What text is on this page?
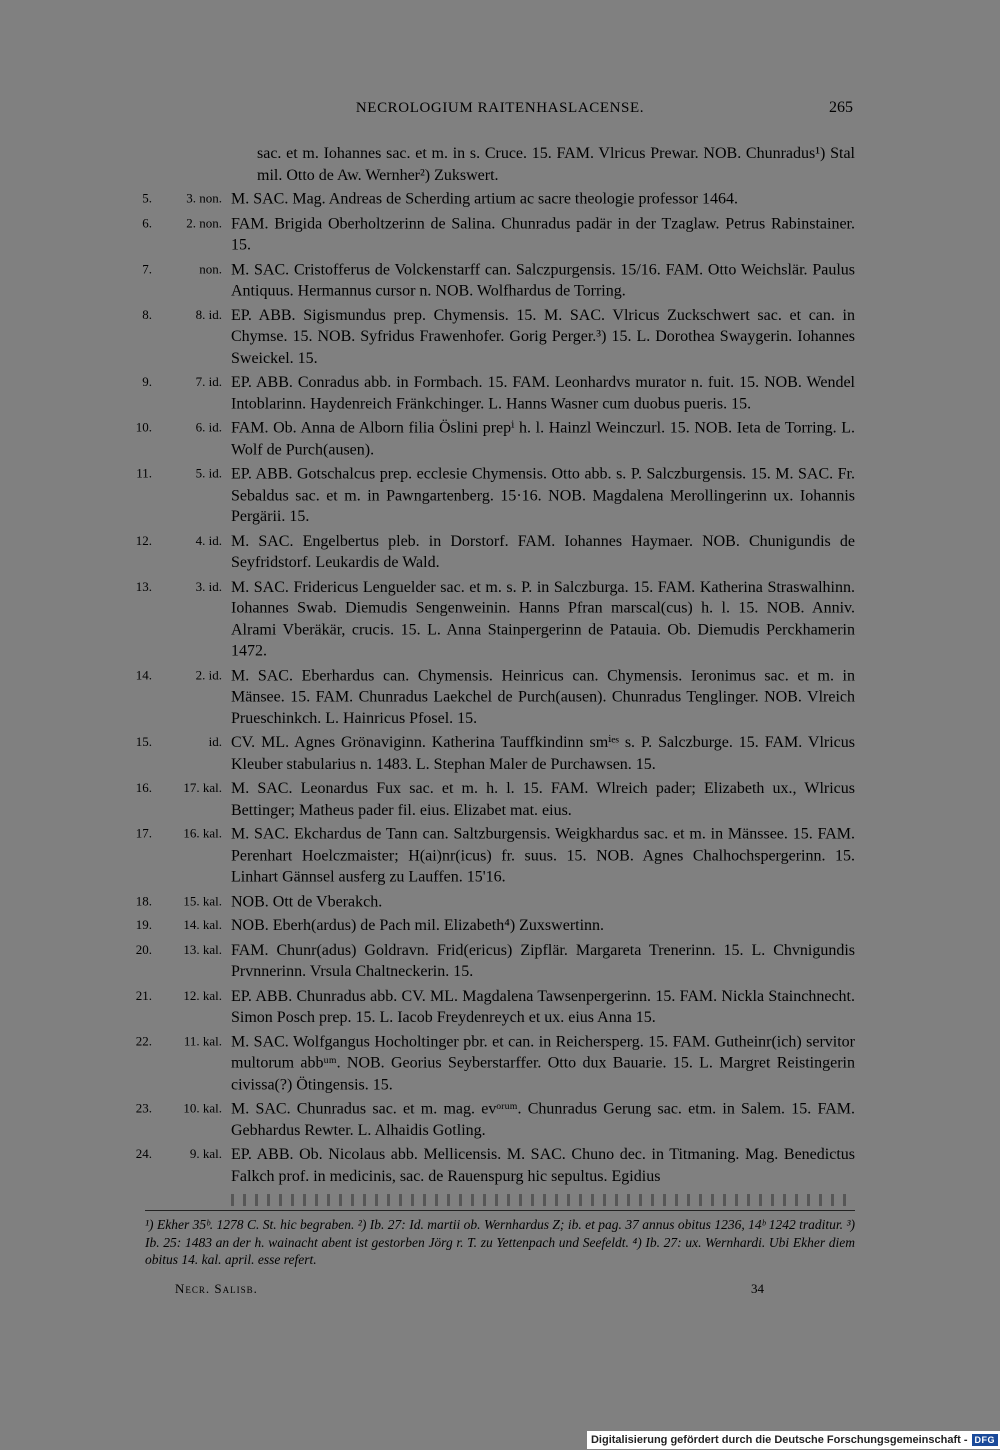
NECROLOGIUM RAITENHASLACENSE.	265
sac. et m. Iohannes sac. et m. in s. Cruce. 15. FAM. Vlricus Prewar. NOB. Chunradus¹) Stal mil. Otto de Aw. Wernher²) Zukswert.
5.	3. non. M. SAC. Mag. Andreas de Scherding artium ac sacre theologie professor 1464.
6.	2. non. FAM. Brigida Oberholtzerinn de Salina. Chunradus padär in der Tzaglaw. Petrus Rabinstainer. 15.
7.	non. M. SAC. Cristofferus de Volckenstarff can. Salczpurgensis. 15/16. FAM. Otto Weichslär. Paulus Antiquus. Hermannus cursor n. NOB. Wolfhardus de Torring.
8.	8. id. EP. ABB. Sigismundus prep. Chymensis. 15. M. SAC. Vlricus Zuckschwert sac. et can. in Chymse. 15. NOB. Syfridus Frawenhofer. Gorig Perger.³) 15. L. Dorothea Swaygerin. Iohannes Sweickel. 15.
9.	7. id. EP. ABB. Conradus abb. in Formbach. 15. FAM. Leonhardvs murator n. fuit. 15. NOB. Wendel Intoblarinn. Haydenreich Fränkchinger. L. Hanns Wasner cum duobus pueris. 15.
10.	6. id. FAM. Ob. Anna de Alborn filia Öslini prepⁱ h. l. Hainzl Weinczurl. 15. NOB. Ieta de Torring. L. Wolf de Purch(ausen).
11.	5. id. EP. ABB. Gotschalcus prep. ecclesie Chymensis. Otto abb. s. P. Salczburgensis. 15. M. SAC. Fr. Sebaldus sac. et m. in Pawngartenberg. 15·16. NOB. Magdalena Merollingerinn ux. Iohannis Pergärii. 15.
12.	4. id. M. SAC. Engelbertus pleb. in Dorstorf. FAM. Iohannes Haymaer. NOB. Chunigundis de Seyfridstorf. Leukardis de Wald.
13.	3. id. M. SAC. Fridericus Lenguelder sac. et m. s. P. in Salczburga. 15. FAM. Katherina Straswalhinn. Iohannes Swab. Diemudis Sengenweinin. Hanns Pfran marscal(cus) h. l. 15. NOB. Anniv. Alrami Vberäkär, crucis. 15. L. Anna Stainpergerinn de Patauia. Ob. Diemudis Perckhamerin 1472.
14.	2. id. M. SAC. Eberhardus can. Chymensis. Heinricus can. Chymensis. Ieronimus sac. et m. in Mänsee. 15. FAM. Chunradus Laekchel de Purch(ausen). Chunradus Tenglinger. NOB. Vlreich Prueschinkch. L. Hainricus Pfosel. 15.
15.	id. CV. ML. Agnes Grönaviginn. Katherina Tauffkindinn smⁱᵉˢ s. P. Salczburge. 15. FAM. Vlricus Kleuber stabularius n. 1483. L. Stephan Maler de Purchawsen. 15.
16.	17. kal. M. SAC. Leonardus Fux sac. et m. h. l. 15. FAM. Wlreich pader; Elizabeth ux., Wlricus Bettinger; Matheus pader fil. eius. Elizabet mat. eius.
17.	16. kal. M. SAC. Ekchardus de Tann can. Saltzburgensis. Weigkhardus sac. et m. in Mänssee. 15. FAM. Perenhart Hoelczmaister; H(ai)nr(icus) fr. suus. 15. NOB. Agnes Chalhochspergerinn. 15. Linhart Gännsel ausferg zu Lauffen. 15'16.
18.	15. kal. NOB. Ott de Vberakch.
19.	14. kal. NOB. Eberh(ardus) de Pach mil. Elizabeth⁴) Zuxswertinn.
20.	13. kal. FAM. Chunr(adus) Goldravn. Frid(ericus) Zipflär. Margareta Trenerinn. 15. L. Chvnigundis Prvnnerinn. Vrsula Chaltneckerin. 15.
21.	12. kal. EP. ABB. Chunradus abb. CV. ML. Magdalena Tawsenpergerinn. 15. FAM. Nickla Stainchnecht. Simon Posch prep. 15. L. Iacob Freydenreych et ux. eius Anna 15.
22.	11. kal. M. SAC. Wolfgangus Hocholtinger pbr. et can. in Reichersperg. 15. FAM. Gutheinr(ich) servitor multorum abbᵘᵐ. NOB. Georius Seyberstarffer. Otto dux Bauarie. 15. L. Margret Reistingerin civissa(?) Ötingensis. 15.
23.	10. kal. M. SAC. Chunradus sac. et m. mag. evᵒʳᵘᵐ. Chunradus Gerung sac. etm. in Salem. 15. FAM. Gebhardus Rewter. L. Alhaidis Gotling.
24.	9. kal. EP. ABB. Ob. Nicolaus abb. Mellicensis. M. SAC. Chuno dec. in Titmaning. Mag. Benedictus Falkch prof. in medicinis, sac. de Rauenspurg hic sepultus. Egidius
¹) Ekher 35ᵇ. 1278 C. St. hic begraben. ²) Ib. 27: Id. martii ob. Wernhardus Z; ib. et pag. 37 annus obitus 1236, 14ᵇ 1242 traditur. ³) Ib. 25: 1483 an der h. wainacht abent ist gestorben Jörg r. T. zu Yettenpach und Seefeldt. ⁴) Ib. 27: ux. Wernhardi. Ubi Ekher diem obitus 14. kal. april. esse refert.
Necr. Salisb.	34
Digitalisierung gefördert durch die Deutsche Forschungsgemeinschaft - DFG
